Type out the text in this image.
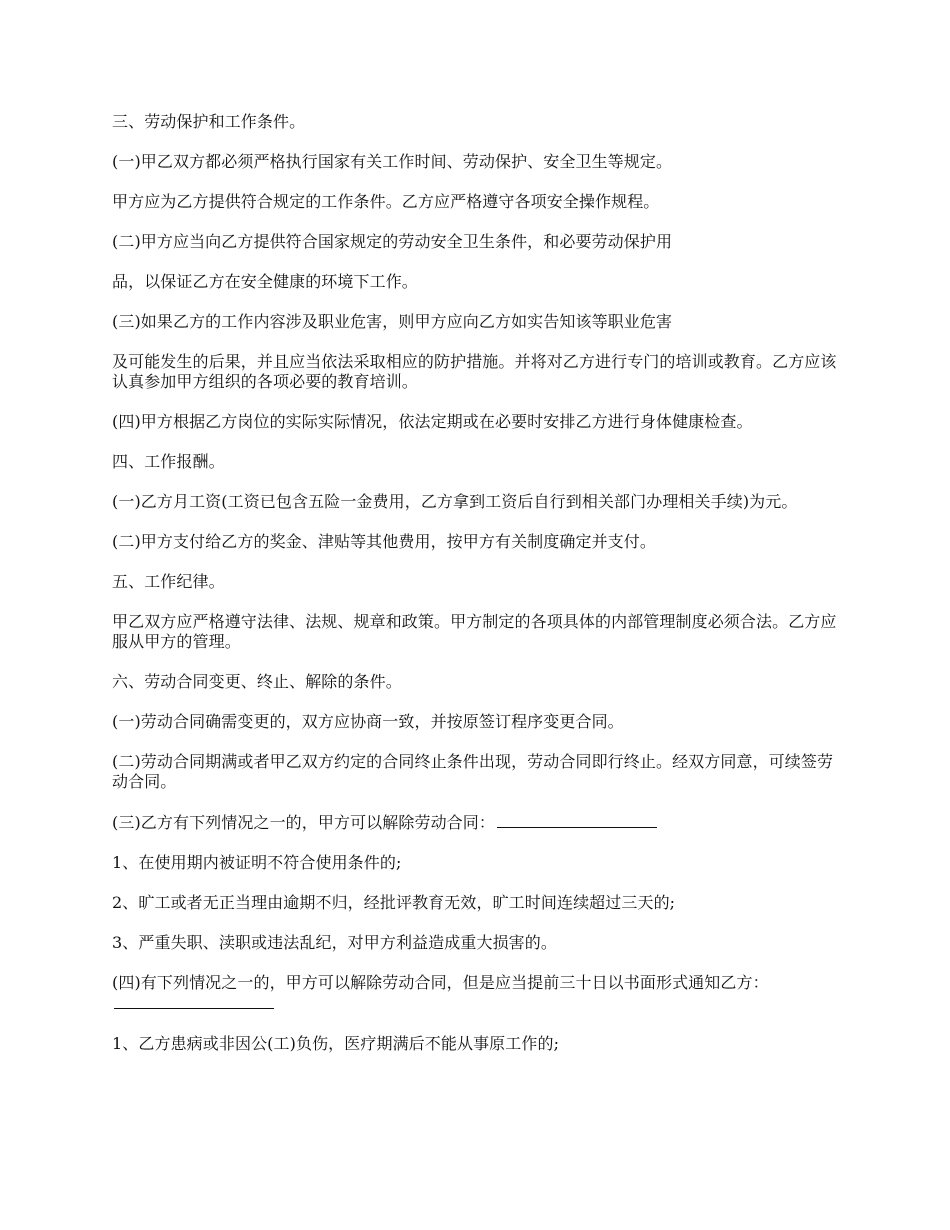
三、劳动保护和工作条件。

(一)甲乙双方都必须严格执行国家有关工作时间、劳动保护、安全卫生等规定。

甲方应为乙方提供符合规定的工作条件。乙方应严格遵守各项安全操作规程。

(二)甲方应当向乙方提供符合国家规定的劳动安全卫生条件，和必要劳动保护用

品，以保证乙方在安全健康的环境下工作。

(三)如果乙方的工作内容涉及职业危害，则甲方应向乙方如实告知该等职业危害

及可能发生的后果，并且应当依法采取相应的防护措施。并将对乙方进行专门的培训或教育。乙方应该认真参加甲方组织的各项必要的教育培训。

(四)甲方根据乙方岗位的实际实际情况，依法定期或在必要时安排乙方进行身体健康检查。

四、工作报酬。

(一)乙方月工资(工资已包含五险一金费用，乙方拿到工资后自行到相关部门办理相关手续)为元。

(二)甲方支付给乙方的奖金、津贴等其他费用，按甲方有关制度确定并支付。

五、工作纪律。

甲乙双方应严格遵守法律、法规、规章和政策。甲方制定的各项具体的内部管理制度必须合法。乙方应服从甲方的管理。

六、劳动合同变更、终止、解除的条件。

(一)劳动合同确需变更的，双方应协商一致，并按原签订程序变更合同。

(二)劳动合同期满或者甲乙双方约定的合同终止条件出现，劳动合同即行终止。经双方同意，可续签劳动合同。

(三)乙方有下列情况之一的，甲方可以解除劳动合同：

1、在使用期内被证明不符合使用条件的;

2、旷工或者无正当理由逾期不归，经批评教育无效，旷工时间连续超过三天的;

3、严重失职、渎职或违法乱纪，对甲方利益造成重大损害的。

(四)有下列情况之一的，甲方可以解除劳动合同，但是应当提前三十日以书面形式通知乙方：

1、乙方患病或非因公(工)负伤，医疗期满后不能从事原工作的;
